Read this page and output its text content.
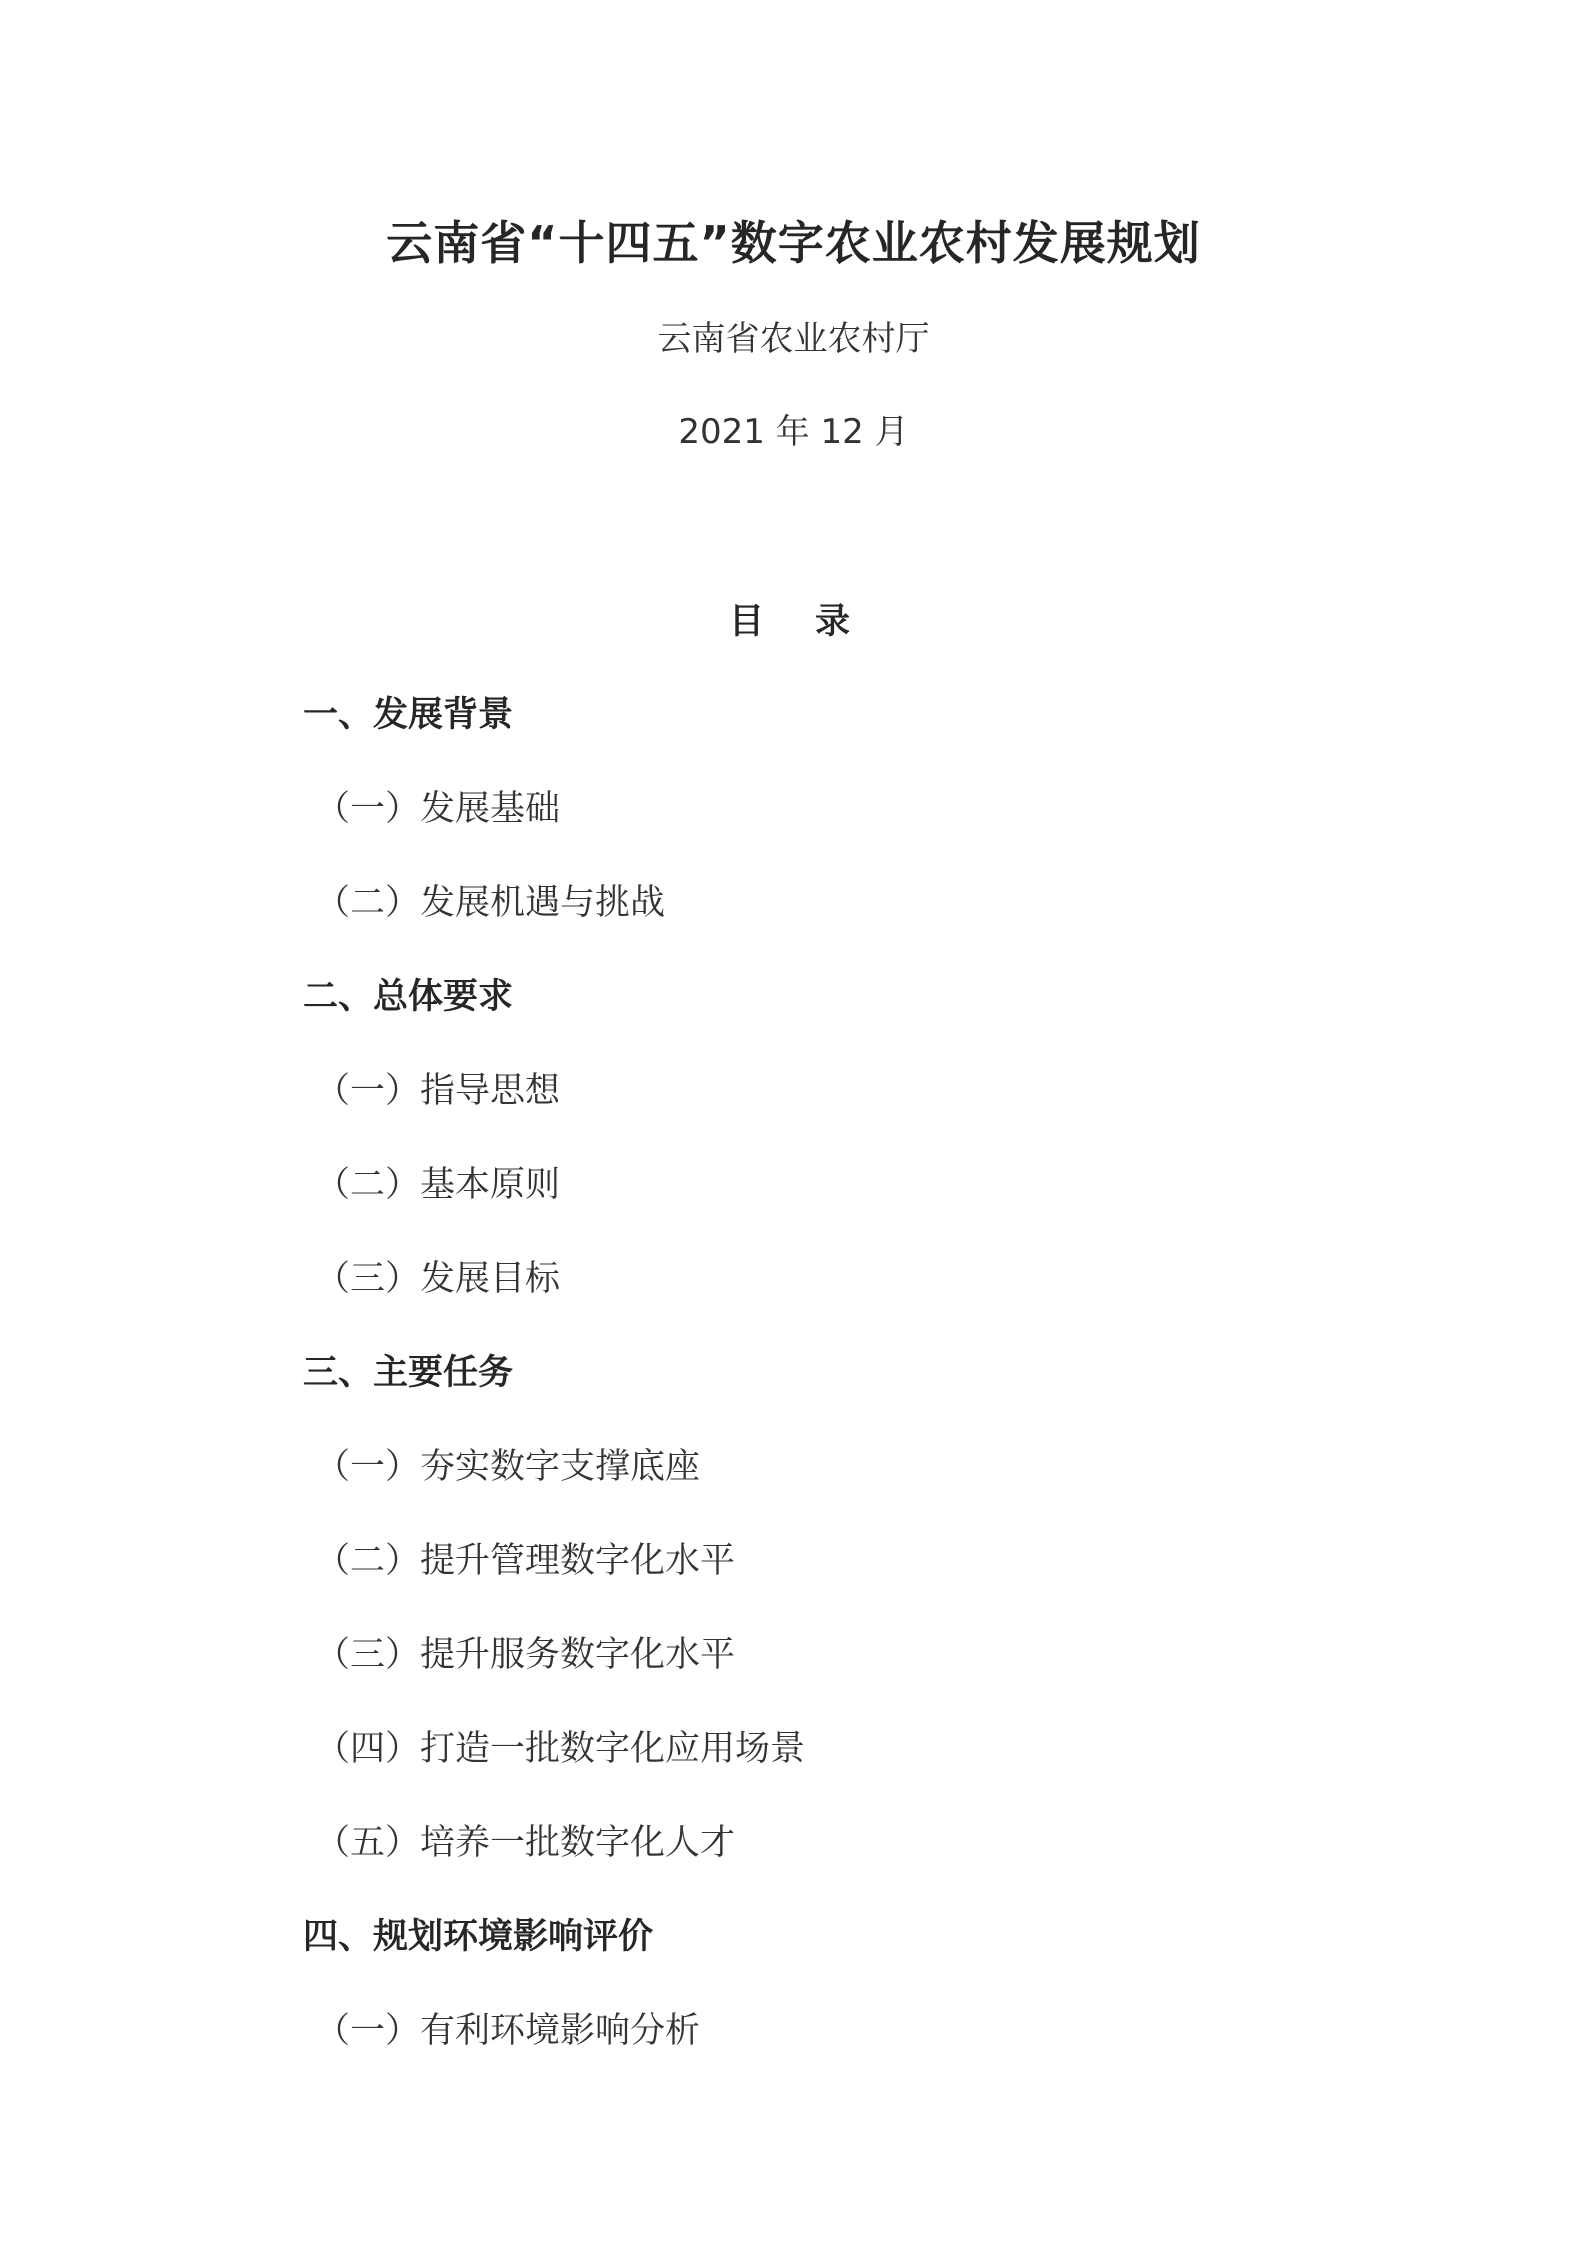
云南省“十四五”数字农业农村发展规划
云南省农业农村厅
2021 年 12 月
目　录
一、发展背景
（一）发展基础
（二）发展机遇与挑战
二、总体要求
（一）指导思想
（二）基本原则
（三）发展目标
三、主要任务
（一）夯实数字支撑底座
（二）提升管理数字化水平
（三）提升服务数字化水平
（四）打造一批数字化应用场景
（五）培养一批数字化人才
四、规划环境影响评价
（一）有利环境影响分析
